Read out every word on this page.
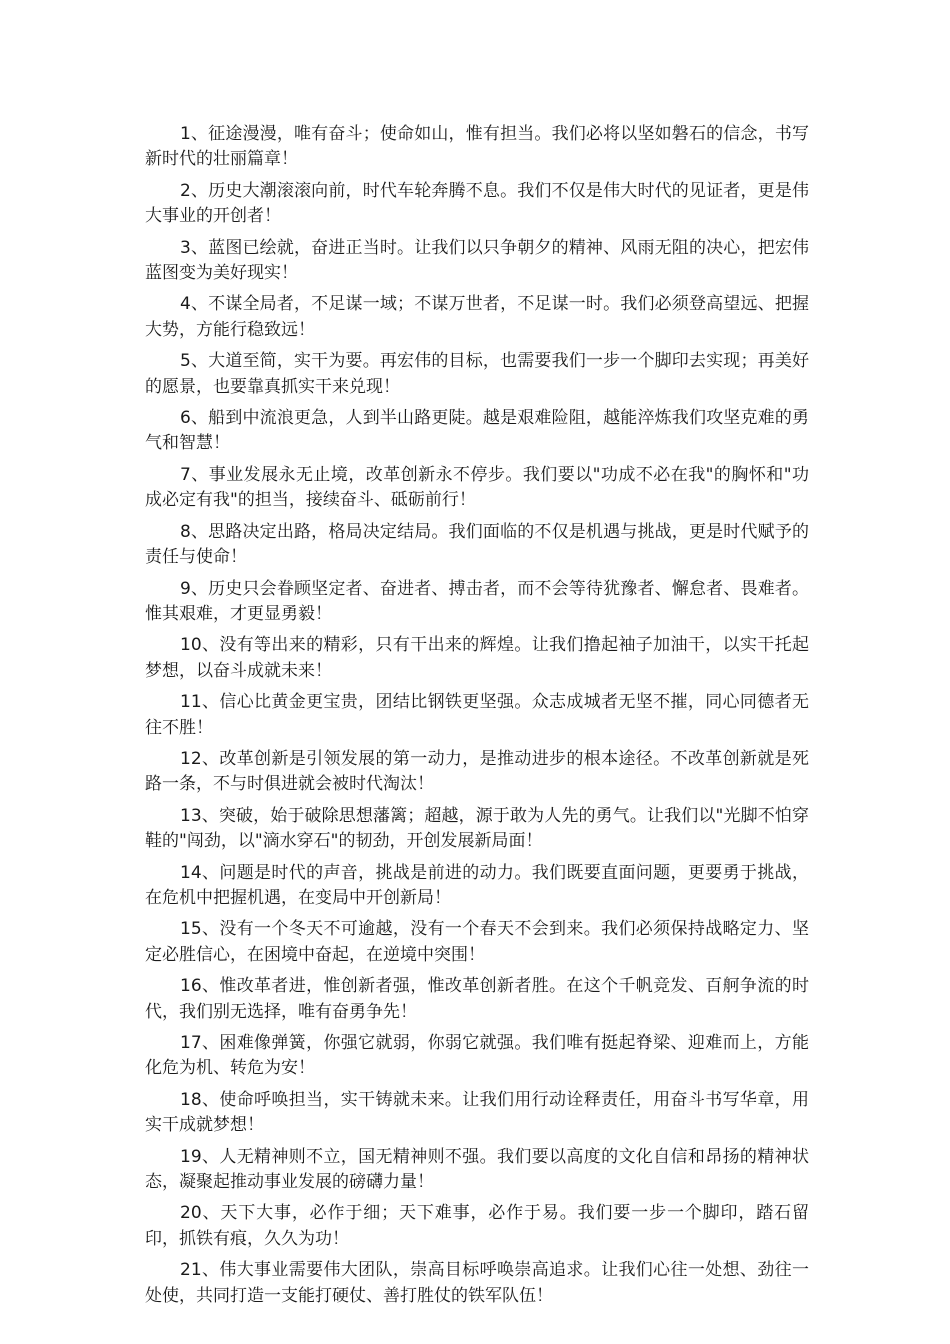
1、征途漫漫，唯有奋斗；使命如山，惟有担当。我们必将以坚如磐石的信念，书写新时代的壮丽篇章！

2、历史大潮滚滚向前，时代车轮奔腾不息。我们不仅是伟大时代的见证者，更是伟大事业的开创者！

3、蓝图已绘就，奋进正当时。让我们以只争朝夕的精神、风雨无阻的决心，把宏伟蓝图变为美好现实！

4、不谋全局者，不足谋一域；不谋万世者，不足谋一时。我们必须登高望远、把握大势，方能行稳致远！

5、大道至简，实干为要。再宏伟的目标，也需要我们一步一个脚印去实现；再美好的愿景，也要靠真抓实干来兑现！

6、船到中流浪更急，人到半山路更陡。越是艰难险阻，越能淬炼我们攻坚克难的勇气和智慧！

7、事业发展永无止境，改革创新永不停步。我们要以"功成不必在我"的胸怀和"功成必定有我"的担当，接续奋斗、砥砺前行！

8、思路决定出路，格局决定结局。我们面临的不仅是机遇与挑战，更是时代赋予的责任与使命！

9、历史只会眷顾坚定者、奋进者、搏击者，而不会等待犹豫者、懈怠者、畏难者。惟其艰难，才更显勇毅！

10、没有等出来的精彩，只有干出来的辉煌。让我们撸起袖子加油干，以实干托起梦想，以奋斗成就未来！

11、信心比黄金更宝贵，团结比钢铁更坚强。众志成城者无坚不摧，同心同德者无往不胜！

12、改革创新是引领发展的第一动力，是推动进步的根本途径。不改革创新就是死路一条，不与时俱进就会被时代淘汰！

13、突破，始于破除思想藩篱；超越，源于敢为人先的勇气。让我们以"光脚不怕穿鞋的"闯劲，以"滴水穿石"的韧劲，开创发展新局面！

14、问题是时代的声音，挑战是前进的动力。我们既要直面问题，更要勇于挑战，在危机中把握机遇，在变局中开创新局！

15、没有一个冬天不可逾越，没有一个春天不会到来。我们必须保持战略定力、坚定必胜信心，在困境中奋起，在逆境中突围！

16、惟改革者进，惟创新者强，惟改革创新者胜。在这个千帆竞发、百舸争流的时代，我们别无选择，唯有奋勇争先！

17、困难像弹簧，你强它就弱，你弱它就强。我们唯有挺起脊梁、迎难而上，方能化危为机、转危为安！

18、使命呼唤担当，实干铸就未来。让我们用行动诠释责任，用奋斗书写华章，用实干成就梦想！

19、人无精神则不立，国无精神则不强。我们要以高度的文化自信和昂扬的精神状态，凝聚起推动事业发展的磅礴力量！

20、天下大事，必作于细；天下难事，必作于易。我们要一步一个脚印，踏石留印，抓铁有痕，久久为功！

21、伟大事业需要伟大团队，崇高目标呼唤崇高追求。让我们心往一处想、劲往一处使，共同打造一支能打硬仗、善打胜仗的铁军队伍！
